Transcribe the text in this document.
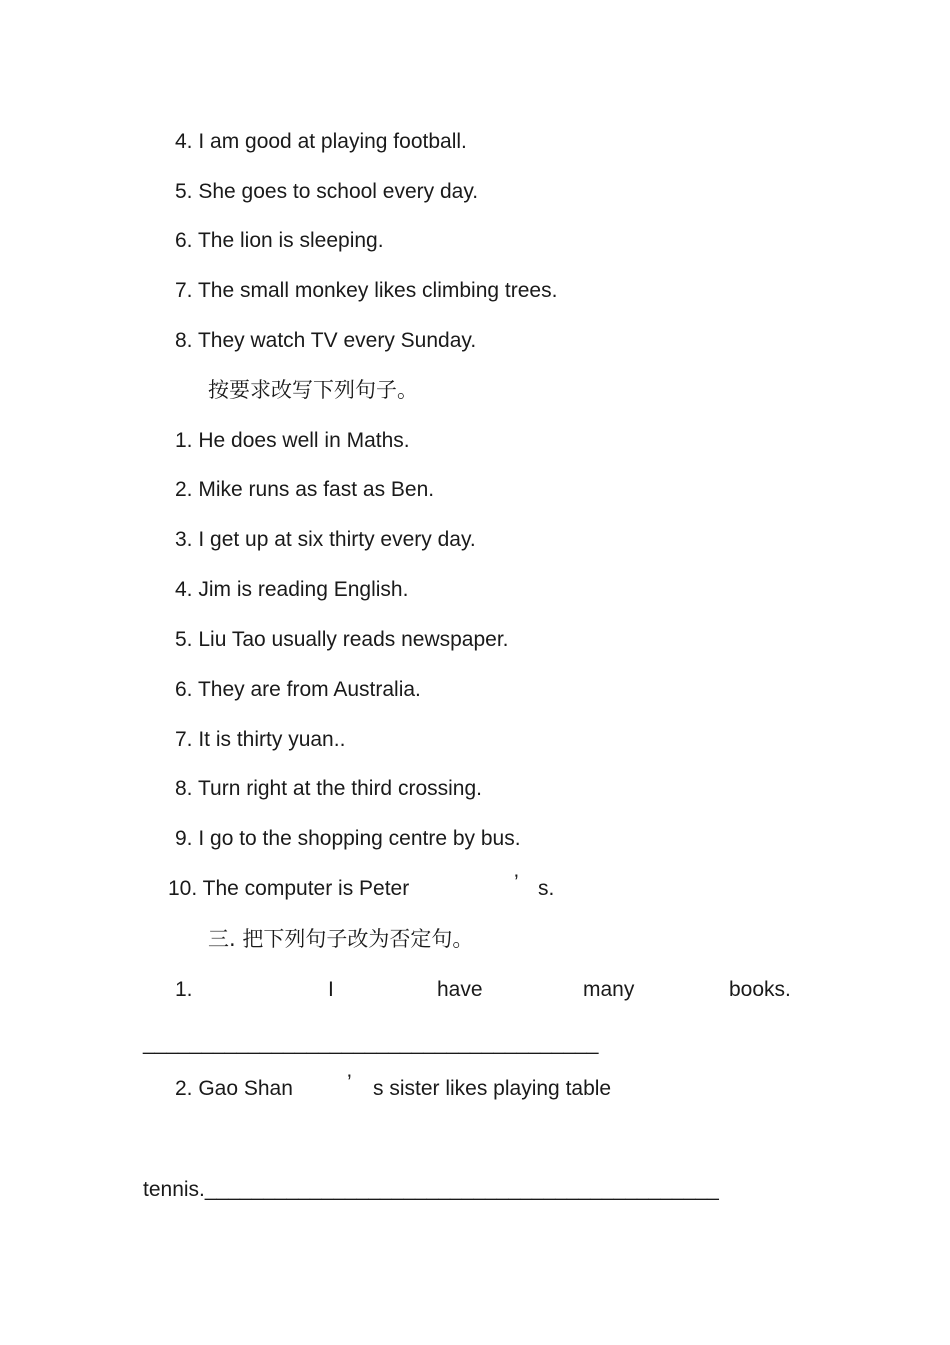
4. I am good at playing football.
5. She goes to school every day.
6. The lion is sleeping.
7. The small monkey likes climbing trees.
8. They watch TV every Sunday.
按要求改写下列句子。
1. He does well in Maths.
2. Mike runs as fast as Ben.
3. I get up at six thirty every day.
4. Jim is reading English.
5. Liu Tao usually reads newspaper.
6. They are from Australia.
7. It is thirty yuan..
8. Turn right at the third crossing.
9. I go to the shopping centre by bus.
10. The computer is Peter	’ s.
三. 把下列句子改为否定句。
1.	I	have	many	books.
_______________________________________
2. Gao Shan	’ s sister likes playing table
tennis.____________________________________________
